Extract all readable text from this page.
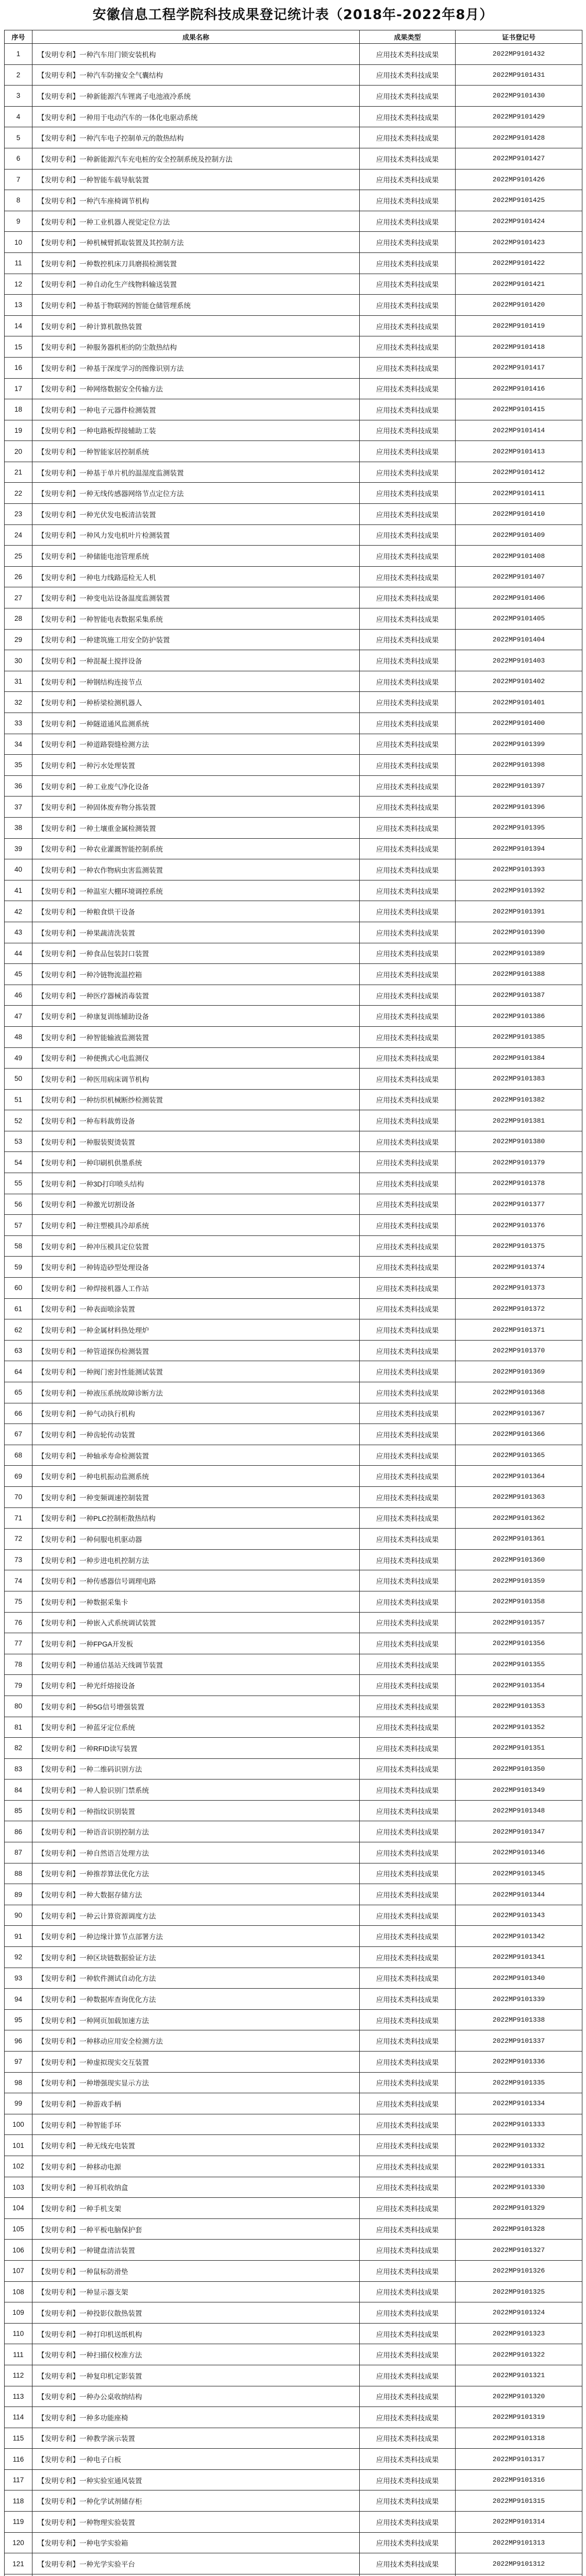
安徽信息工程学院科技成果登记统计表（2018年-2022年8月）
序号	成果名称	成果类型	证书登记号
1	【发明专利】一种汽车用门锁安装机构	应用技术类科技成果	2022MP9101432
2	【发明专利】一种汽车防撞安全气囊结构	应用技术类科技成果	2022MP9101431
3	【发明专利】一种新能源汽车锂离子电池液冷系统	应用技术类科技成果	2022MP9101430
4	【发明专利】一种用于电动汽车的一体化电驱动系统	应用技术类科技成果	2022MP9101429
5	【发明专利】一种汽车电子控制单元的散热结构	应用技术类科技成果	2022MP9101428
6	【发明专利】一种新能源汽车充电桩的安全控制系统及控制方法	应用技术类科技成果	2022MP9101427
7	【发明专利】一种智能车载导航装置	应用技术类科技成果	2022MP9101426
8	【发明专利】一种汽车座椅调节机构	应用技术类科技成果	2022MP9101425
9	【发明专利】一种工业机器人视觉定位方法	应用技术类科技成果	2022MP9101424
10	【发明专利】一种机械臂抓取装置及其控制方法	应用技术类科技成果	2022MP9101423
11	【发明专利】一种数控机床刀具磨损检测装置	应用技术类科技成果	2022MP9101422
12	【发明专利】一种自动化生产线物料输送装置	应用技术类科技成果	2022MP9101421
13	【发明专利】一种基于物联网的智能仓储管理系统	应用技术类科技成果	2022MP9101420
14	【发明专利】一种计算机散热装置	应用技术类科技成果	2022MP9101419
15	【发明专利】一种服务器机柜的防尘散热结构	应用技术类科技成果	2022MP9101418
16	【发明专利】一种基于深度学习的图像识别方法	应用技术类科技成果	2022MP9101417
17	【发明专利】一种网络数据安全传输方法	应用技术类科技成果	2022MP9101416
18	【发明专利】一种电子元器件检测装置	应用技术类科技成果	2022MP9101415
19	【发明专利】一种电路板焊接辅助工装	应用技术类科技成果	2022MP9101414
20	【发明专利】一种智能家居控制系统	应用技术类科技成果	2022MP9101413
21	【发明专利】一种基于单片机的温湿度监测装置	应用技术类科技成果	2022MP9101412
22	【发明专利】一种无线传感器网络节点定位方法	应用技术类科技成果	2022MP9101411
23	【发明专利】一种光伏发电板清洁装置	应用技术类科技成果	2022MP9101410
24	【发明专利】一种风力发电机叶片检测装置	应用技术类科技成果	2022MP9101409
25	【发明专利】一种储能电池管理系统	应用技术类科技成果	2022MP9101408
26	【发明专利】一种电力线路巡检无人机	应用技术类科技成果	2022MP9101407
27	【发明专利】一种变电站设备温度监测装置	应用技术类科技成果	2022MP9101406
28	【发明专利】一种智能电表数据采集系统	应用技术类科技成果	2022MP9101405
29	【发明专利】一种建筑施工用安全防护装置	应用技术类科技成果	2022MP9101404
30	【发明专利】一种混凝土搅拌设备	应用技术类科技成果	2022MP9101403
31	【发明专利】一种钢结构连接节点	应用技术类科技成果	2022MP9101402
32	【发明专利】一种桥梁检测机器人	应用技术类科技成果	2022MP9101401
33	【发明专利】一种隧道通风监测系统	应用技术类科技成果	2022MP9101400
34	【发明专利】一种道路裂缝检测方法	应用技术类科技成果	2022MP9101399
35	【发明专利】一种污水处理装置	应用技术类科技成果	2022MP9101398
36	【发明专利】一种工业废气净化设备	应用技术类科技成果	2022MP9101397
37	【发明专利】一种固体废弃物分拣装置	应用技术类科技成果	2022MP9101396
38	【发明专利】一种土壤重金属检测装置	应用技术类科技成果	2022MP9101395
39	【发明专利】一种农业灌溉智能控制系统	应用技术类科技成果	2022MP9101394
40	【发明专利】一种农作物病虫害监测装置	应用技术类科技成果	2022MP9101393
41	【发明专利】一种温室大棚环境调控系统	应用技术类科技成果	2022MP9101392
42	【发明专利】一种粮食烘干设备	应用技术类科技成果	2022MP9101391
43	【发明专利】一种果蔬清洗装置	应用技术类科技成果	2022MP9101390
44	【发明专利】一种食品包装封口装置	应用技术类科技成果	2022MP9101389
45	【发明专利】一种冷链物流温控箱	应用技术类科技成果	2022MP9101388
46	【发明专利】一种医疗器械消毒装置	应用技术类科技成果	2022MP9101387
47	【发明专利】一种康复训练辅助设备	应用技术类科技成果	2022MP9101386
48	【发明专利】一种智能输液监测装置	应用技术类科技成果	2022MP9101385
49	【发明专利】一种便携式心电监测仪	应用技术类科技成果	2022MP9101384
50	【发明专利】一种医用病床调节机构	应用技术类科技成果	2022MP9101383
51	【发明专利】一种纺织机械断纱检测装置	应用技术类科技成果	2022MP9101382
52	【发明专利】一种布料裁剪设备	应用技术类科技成果	2022MP9101381
53	【发明专利】一种服装熨烫装置	应用技术类科技成果	2022MP9101380
54	【发明专利】一种印刷机供墨系统	应用技术类科技成果	2022MP9101379
55	【发明专利】一种3D打印喷头结构	应用技术类科技成果	2022MP9101378
56	【发明专利】一种激光切割设备	应用技术类科技成果	2022MP9101377
57	【发明专利】一种注塑模具冷却系统	应用技术类科技成果	2022MP9101376
58	【发明专利】一种冲压模具定位装置	应用技术类科技成果	2022MP9101375
59	【发明专利】一种铸造砂型处理设备	应用技术类科技成果	2022MP9101374
60	【发明专利】一种焊接机器人工作站	应用技术类科技成果	2022MP9101373
61	【发明专利】一种表面喷涂装置	应用技术类科技成果	2022MP9101372
62	【发明专利】一种金属材料热处理炉	应用技术类科技成果	2022MP9101371
63	【发明专利】一种管道探伤检测装置	应用技术类科技成果	2022MP9101370
64	【发明专利】一种阀门密封性能测试装置	应用技术类科技成果	2022MP9101369
65	【发明专利】一种液压系统故障诊断方法	应用技术类科技成果	2022MP9101368
66	【发明专利】一种气动执行机构	应用技术类科技成果	2022MP9101367
67	【发明专利】一种齿轮传动装置	应用技术类科技成果	2022MP9101366
68	【发明专利】一种轴承寿命检测装置	应用技术类科技成果	2022MP9101365
69	【发明专利】一种电机振动监测系统	应用技术类科技成果	2022MP9101364
70	【发明专利】一种变频调速控制装置	应用技术类科技成果	2022MP9101363
71	【发明专利】一种PLC控制柜散热结构	应用技术类科技成果	2022MP9101362
72	【发明专利】一种伺服电机驱动器	应用技术类科技成果	2022MP9101361
73	【发明专利】一种步进电机控制方法	应用技术类科技成果	2022MP9101360
74	【发明专利】一种传感器信号调理电路	应用技术类科技成果	2022MP9101359
75	【发明专利】一种数据采集卡	应用技术类科技成果	2022MP9101358
76	【发明专利】一种嵌入式系统调试装置	应用技术类科技成果	2022MP9101357
77	【发明专利】一种FPGA开发板	应用技术类科技成果	2022MP9101356
78	【发明专利】一种通信基站天线调节装置	应用技术类科技成果	2022MP9101355
79	【发明专利】一种光纤熔接设备	应用技术类科技成果	2022MP9101354
80	【发明专利】一种5G信号增强装置	应用技术类科技成果	2022MP9101353
81	【发明专利】一种蓝牙定位系统	应用技术类科技成果	2022MP9101352
82	【发明专利】一种RFID读写装置	应用技术类科技成果	2022MP9101351
83	【发明专利】一种二维码识别方法	应用技术类科技成果	2022MP9101350
84	【发明专利】一种人脸识别门禁系统	应用技术类科技成果	2022MP9101349
85	【发明专利】一种指纹识别装置	应用技术类科技成果	2022MP9101348
86	【发明专利】一种语音识别控制方法	应用技术类科技成果	2022MP9101347
87	【发明专利】一种自然语言处理方法	应用技术类科技成果	2022MP9101346
88	【发明专利】一种推荐算法优化方法	应用技术类科技成果	2022MP9101345
89	【发明专利】一种大数据存储方法	应用技术类科技成果	2022MP9101344
90	【发明专利】一种云计算资源调度方法	应用技术类科技成果	2022MP9101343
91	【发明专利】一种边缘计算节点部署方法	应用技术类科技成果	2022MP9101342
92	【发明专利】一种区块链数据验证方法	应用技术类科技成果	2022MP9101341
93	【发明专利】一种软件测试自动化方法	应用技术类科技成果	2022MP9101340
94	【发明专利】一种数据库查询优化方法	应用技术类科技成果	2022MP9101339
95	【发明专利】一种网页加载加速方法	应用技术类科技成果	2022MP9101338
96	【发明专利】一种移动应用安全检测方法	应用技术类科技成果	2022MP9101337
97	【发明专利】一种虚拟现实交互装置	应用技术类科技成果	2022MP9101336
98	【发明专利】一种增强现实显示方法	应用技术类科技成果	2022MP9101335
99	【发明专利】一种游戏手柄	应用技术类科技成果	2022MP9101334
100	【发明专利】一种智能手环	应用技术类科技成果	2022MP9101333
101	【发明专利】一种无线充电装置	应用技术类科技成果	2022MP9101332
102	【发明专利】一种移动电源	应用技术类科技成果	2022MP9101331
103	【发明专利】一种耳机收纳盒	应用技术类科技成果	2022MP9101330
104	【发明专利】一种手机支架	应用技术类科技成果	2022MP9101329
105	【发明专利】一种平板电脑保护套	应用技术类科技成果	2022MP9101328
106	【发明专利】一种键盘清洁装置	应用技术类科技成果	2022MP9101327
107	【发明专利】一种鼠标防滑垫	应用技术类科技成果	2022MP9101326
108	【发明专利】一种显示器支架	应用技术类科技成果	2022MP9101325
109	【发明专利】一种投影仪散热装置	应用技术类科技成果	2022MP9101324
110	【发明专利】一种打印机送纸机构	应用技术类科技成果	2022MP9101323
111	【发明专利】一种扫描仪校准方法	应用技术类科技成果	2022MP9101322
112	【发明专利】一种复印机定影装置	应用技术类科技成果	2022MP9101321
113	【发明专利】一种办公桌收纳结构	应用技术类科技成果	2022MP9101320
114	【发明专利】一种多功能座椅	应用技术类科技成果	2022MP9101319
115	【发明专利】一种教学演示装置	应用技术类科技成果	2022MP9101318
116	【发明专利】一种电子白板	应用技术类科技成果	2022MP9101317
117	【发明专利】一种实验室通风装置	应用技术类科技成果	2022MP9101316
118	【发明专利】一种化学试剂储存柜	应用技术类科技成果	2022MP9101315
119	【发明专利】一种物理实验装置	应用技术类科技成果	2022MP9101314
120	【发明专利】一种电学实验箱	应用技术类科技成果	2022MP9101313
121	【发明专利】一种光学实验平台	应用技术类科技成果	2022MP9101312
